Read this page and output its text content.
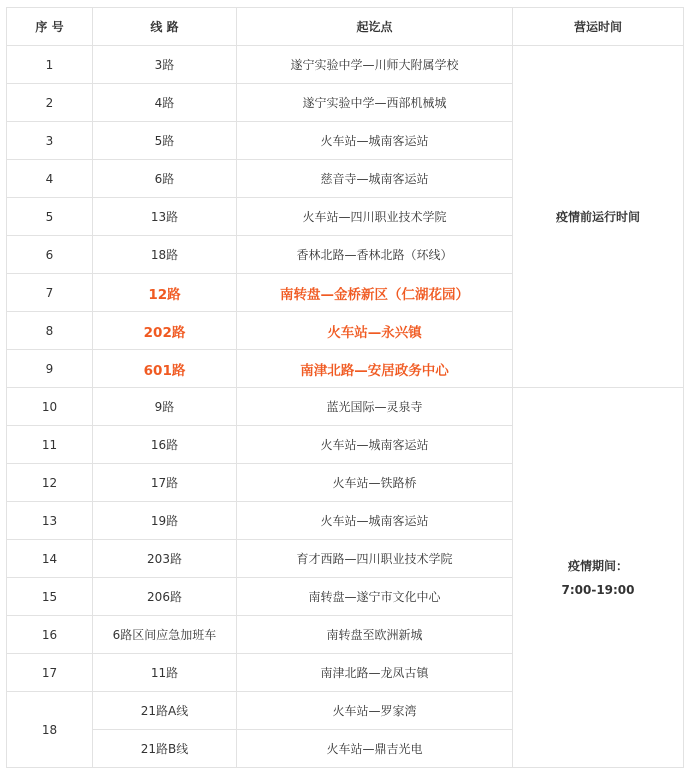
序 号	线 路	起讫点	营运时间
1	3路	遂宁实验中学—川师大附属学校	疫情前运行时间

2	4路	遂宁实验中学—西部机械城	
3	5路	火车站—城南客运站	
4	6路	慈音寺—城南客运站	
5	13路	火车站—四川职业技术学院	
6	18路	香林北路—香林北路（环线）	
7	12路	南转盘—金桥新区（仁湖花园）	
8	202路	火车站—永兴镇	
9	601路	南津北路—安居政务中心	
10	9路	蓝光国际—灵泉寺	疫情期间：
7:00-19:00

11	16路	火车站—城南客运站	
12	17路	火车站—铁路桥	
13	19路	火车站—城南客运站	
14	203路	育才西路—四川职业技术学院	
15	206路	南转盘—遂宁市文化中心	
16	6路区间应急加班车	南转盘至欧洲新城	
17	11路	南津北路—龙凤古镇	
18	21路A线	火车站—罗家湾	
	21路B线	火车站—鼎吉光电	
